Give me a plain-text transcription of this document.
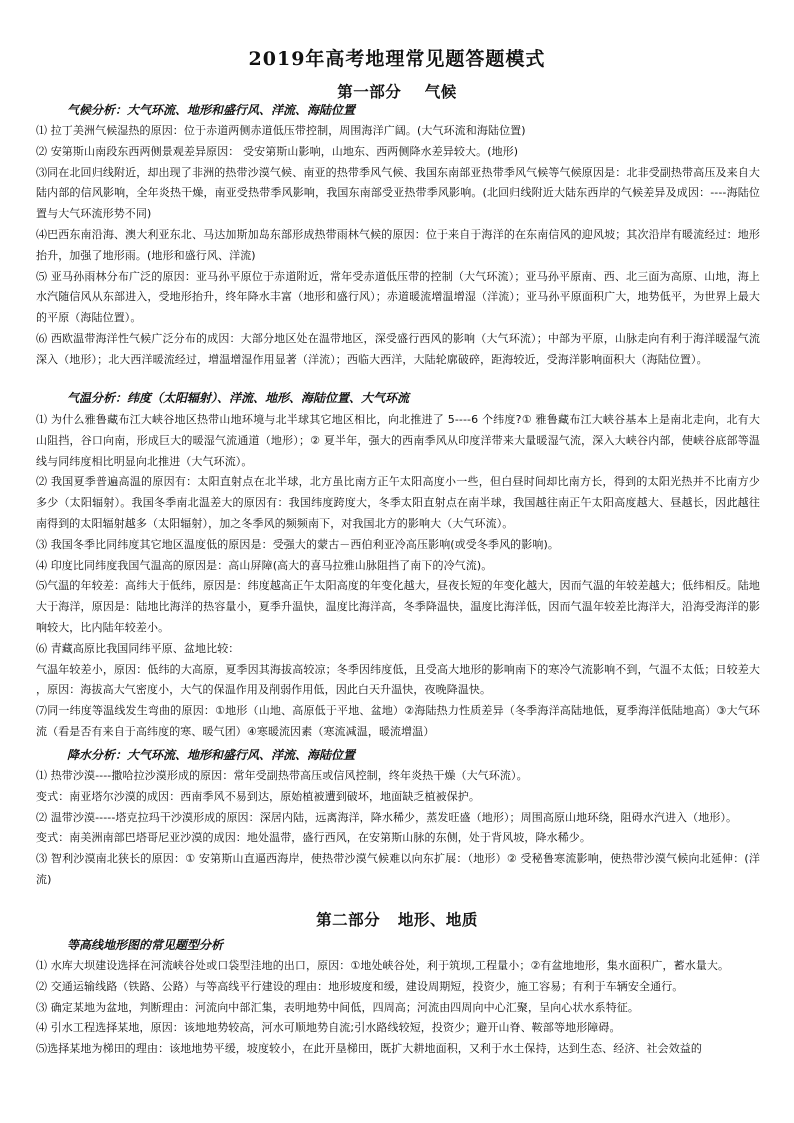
2019年高考地理常见题答题模式
第一部分    气候
气候分析：大气环流、地形和盛行风、洋流、海陆位置

⑴ 拉丁美洲气候湿热的原因：位于赤道两侧赤道低压带控制，周围海洋广阔。(大气环流和海陆位置)

⑵ 安第斯山南段东西两侧景观差异原因： 受安第斯山影响，山地东、西两侧降水差异较大。(地形)

⑶同在北回归线附近，却出现了非洲的热带沙漠气候、南亚的热带季风气候、我国东南部亚热带季风气候等气候原因是：北非受副热带高压及来自大陆内部的信风影响，全年炎热干燥，南亚受热带季风影响，我国东南部受亚热带季风影响。(北回归线附近大陆东西岸的气候差异及成因：----海陆位置与大气环流形势不同)

⑷巴西东南沿海、澳大利亚东北、马达加斯加岛东部形成热带雨林气候的原因：位于来自于海洋的在东南信风的迎风坡；其次沿岸有暖流经过：地形抬升，加强了地形雨。(地形和盛行风、洋流)

⑸ 亚马孙雨林分布广泛的原因：亚马孙平原位于赤道附近，常年受赤道低压带的控制（大气环流）；亚马孙平原南、西、北三面为高原、山地，海上水汽随信风从东部进入，受地形抬升，终年降水丰富（地形和盛行风）；赤道暖流增温增湿（洋流）；亚马孙平原面积广大，地势低平，为世界上最大的平原（海陆位置）。

⑹ 西欧温带海洋性气候广泛分布的成因：大部分地区处在温带地区，深受盛行西风的影响（大气环流）；中部为平原，山脉走向有利于海洋暖湿气流深入（地形）；北大西洋暖流经过，增温增湿作用显著（洋流）；西临大西洋，大陆轮廓破碎，距海较近，受海洋影响面积大（海陆位置）。

气温分析：纬度（太阳辐射）、洋流、地形、海陆位置、大气环流

⑴ 为什么雅鲁藏布江大峡谷地区热带山地环境与北半球其它地区相比，向北推进了 5----6 个纬度?① 雅鲁藏布江大峡谷基本上是南北走向，北有大山阻挡，谷口向南，形成巨大的暖湿气流通道（地形）；② 夏半年，强大的西南季风从印度洋带来大量暖湿气流，深入大峡谷内部，使峡谷底部等温线与同纬度相比明显向北推进（大气环流）。

⑵ 我国夏季普遍高温的原因有：太阳直射点在北半球，北方虽比南方正午太阳高度小一些，但白昼时间却比南方长，得到的太阳光热并不比南方少多少（太阳辐射）。我国冬季南北温差大的原因有：我国纬度跨度大，冬季太阳直射点在南半球，我国越往南正午太阳高度越大、昼越长，因此越往南得到的太阳辐射越多（太阳辐射），加之冬季风的频频南下，对我国北方的影响大（大气环流）。

⑶ 我国冬季比同纬度其它地区温度低的原因是：受强大的蒙古－西伯利亚冷高压影响(或受冬季风的影响)。

⑷ 印度比同纬度我国气温高的原因是：高山屏障(高大的喜马拉雅山脉阻挡了南下的冷气流)。

⑸气温的年较差：高纬大于低纬，原因是：纬度越高正午太阳高度的年变化越大，昼夜长短的年变化越大，因而气温的年较差越大；低纬相反。陆地大于海洋，原因是：陆地比海洋的热容量小，夏季升温快，温度比海洋高，冬季降温快，温度比海洋低，因而气温年较差比海洋大，沿海受海洋的影响较大，比内陆年较差小。

⑹ 青藏高原比我国同纬平原、盆地比较：

气温年较差小，原因：低纬的大高原，夏季因其海拔高较凉；冬季因纬度低，且受高大地形的影响南下的寒冷气流影响不到，气温不太低；日较差大 ，原因：海拔高大气密度小，大气的保温作用及削弱作用低，因此白天升温快，夜晚降温快。

⑺同一纬度等温线发生弯曲的原因：①地形（山地、高原低于平地、盆地）②海陆热力性质差异（冬季海洋高陆地低，夏季海洋低陆地高）③大气环流（看是否有来自于高纬度的寒、暖气团）④寒暖流因素（寒流减温，暖流增温）

降水分析：大气环流、地形和盛行风、洋流、海陆位置

⑴ 热带沙漠----撒哈拉沙漠形成的原因：常年受副热带高压或信风控制，终年炎热干燥（大气环流）。

变式：南亚塔尔沙漠的成因：西南季风不易到达，原始植被遭到破坏，地面缺乏植被保护。

⑵ 温带沙漠-----塔克拉玛干沙漠形成的原因：深居内陆，远离海洋，降水稀少，蒸发旺盛（地形）；周围高原山地环绕，阻碍水汽进入（地形）。

变式：南美洲南部巴塔哥尼亚沙漠的成因：地处温带，盛行西风，在安第斯山脉的东侧，处于背风坡，降水稀少。

⑶ 智利沙漠南北狭长的原因：① 安第斯山直逼西海岸，使热带沙漠气候难以向东扩展：（地形）② 受秘鲁寒流影响，使热带沙漠气候向北延伸：(洋流)

第二部分   地形、地质
等高线地形图的常见题型分析

⑴ 水库大坝建设选择在河流峡谷处或口袋型洼地的出口，原因：①地处峡谷处，利于筑坝,工程量小；②有盆地地形，集水面积广，蓄水量大。

⑵ 交通运输线路（铁路、公路）与等高线平行建设的理由：地形坡度和缓，建设周期短，投资少，施工容易；有利于车辆安全通行。

⑶ 确定某地为盆地，判断理由：河流向中部汇集，表明地势中间低，四周高；河流由四周向中心汇聚，呈向心状水系特征。

⑷ 引水工程选择某地，原因：该地地势较高，河水可顺地势自流;引水路线较短，投资少；避开山脊、鞍部等地形障碍。

⑸选择某地为梯田的理由：该地地势平缓，坡度较小，在此开垦梯田，既扩大耕地面积，又利于水土保持，达到生态、经济、社会效益的
